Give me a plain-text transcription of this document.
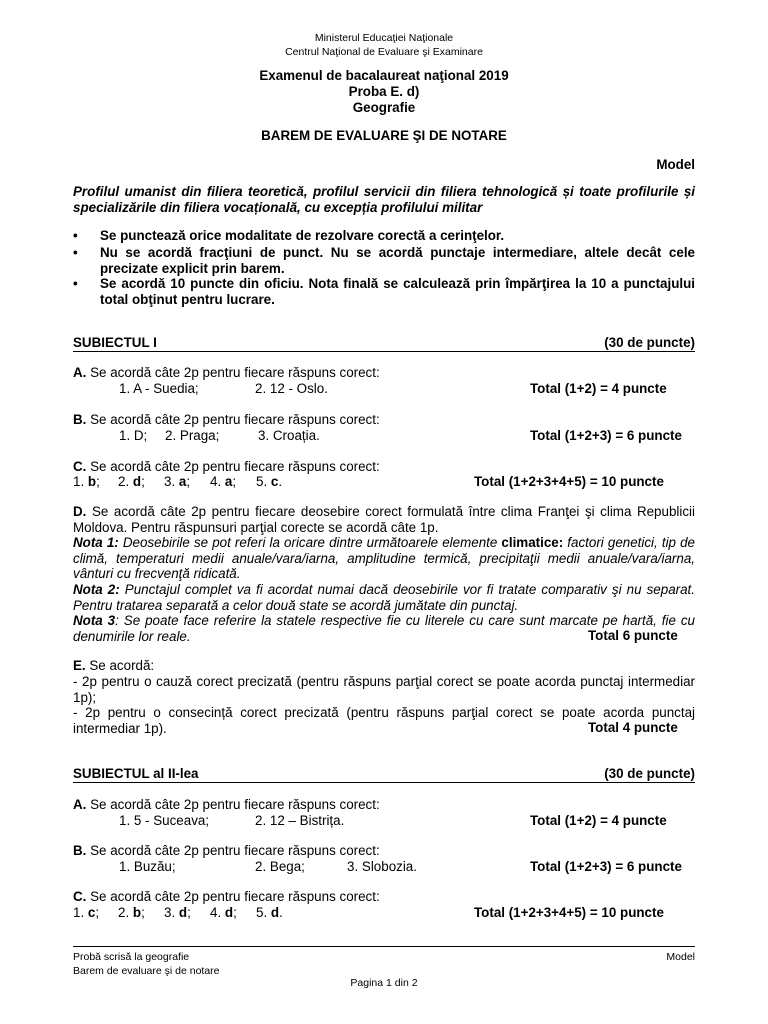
Ministerul Educaţiei Naţionale
Centrul Naţional de Evaluare şi Examinare
Examenul de bacalaureat naţional 2019
Proba E. d)
Geografie
BAREM DE EVALUARE ŞI DE NOTARE
Model
Profilul umanist din filiera teoretică, profilul servicii din filiera tehnologică și toate profilurile și specializările din filiera vocațională, cu excepția profilului militar
• Se punctează orice modalitate de rezolvare corectă a cerinţelor.
• Nu se acordă fracţiuni de punct. Nu se acordă punctaje intermediare, altele decât cele precizate explicit prin barem.
• Se acordă 10 puncte din oficiu. Nota finală se calculează prin împărţirea la 10 a punctajului total obţinut pentru lucrare.
SUBIECTUL I	(30 de puncte)
A. Se acordă câte 2p pentru fiecare răspuns corect:
1. A - Suedia;	2. 12 - Oslo.	Total (1+2) = 4 puncte
B. Se acordă câte 2p pentru fiecare răspuns corect:
1. D; 2. Praga;	3. Croația.	Total (1+2+3) = 6 puncte
C. Se acordă câte 2p pentru fiecare răspuns corect:
1. b; 2. d; 3. a; 4. a; 5. c.	Total (1+2+3+4+5) = 10 puncte
D. Se acordă câte 2p pentru fiecare deosebire corect formulată între clima Franţei şi clima Republicii Moldova. Pentru răspunsuri parţial corecte se acordă câte 1p.
Nota 1: Deosebirile se pot referi la oricare dintre următoarele elemente climatice: factori genetici, tip de climă, temperaturi medii anuale/vara/iarna, amplitudine termică, precipitaţii medii anuale/vara/iarna, vânturi cu frecvenţă ridicată.
Nota 2: Punctajul complet va fi acordat numai dacă deosebirile vor fi tratate comparativ şi nu separat. Pentru tratarea separată a celor două state se acordă jumătate din punctaj.
Nota 3: Se poate face referire la statele respective fie cu literele cu care sunt marcate pe hartă, fie cu denumirile lor reale.	Total 6 puncte
E. Se acordă:
- 2p pentru o cauză corect precizată (pentru răspuns parţial corect se poate acorda punctaj intermediar 1p);
- 2p pentru o consecință corect precizată (pentru răspuns parţial corect se poate acorda punctaj intermediar 1p).	Total 4 puncte
SUBIECTUL al II-lea	(30 de puncte)
A. Se acordă câte 2p pentru fiecare răspuns corect:
1. 5 - Suceava;	2. 12 – Bistrița.	Total (1+2) = 4 puncte
B. Se acordă câte 2p pentru fiecare răspuns corect:
1. Buzău;	2. Bega;	3. Slobozia.	Total (1+2+3) = 6 puncte
C. Se acordă câte 2p pentru fiecare răspuns corect:
1. c; 2. b; 3. d; 4. d; 5. d.	Total (1+2+3+4+5) = 10 puncte
Probă scrisă la geografie
Barem de evaluare şi de notare
Model
Pagina 1 din 2
